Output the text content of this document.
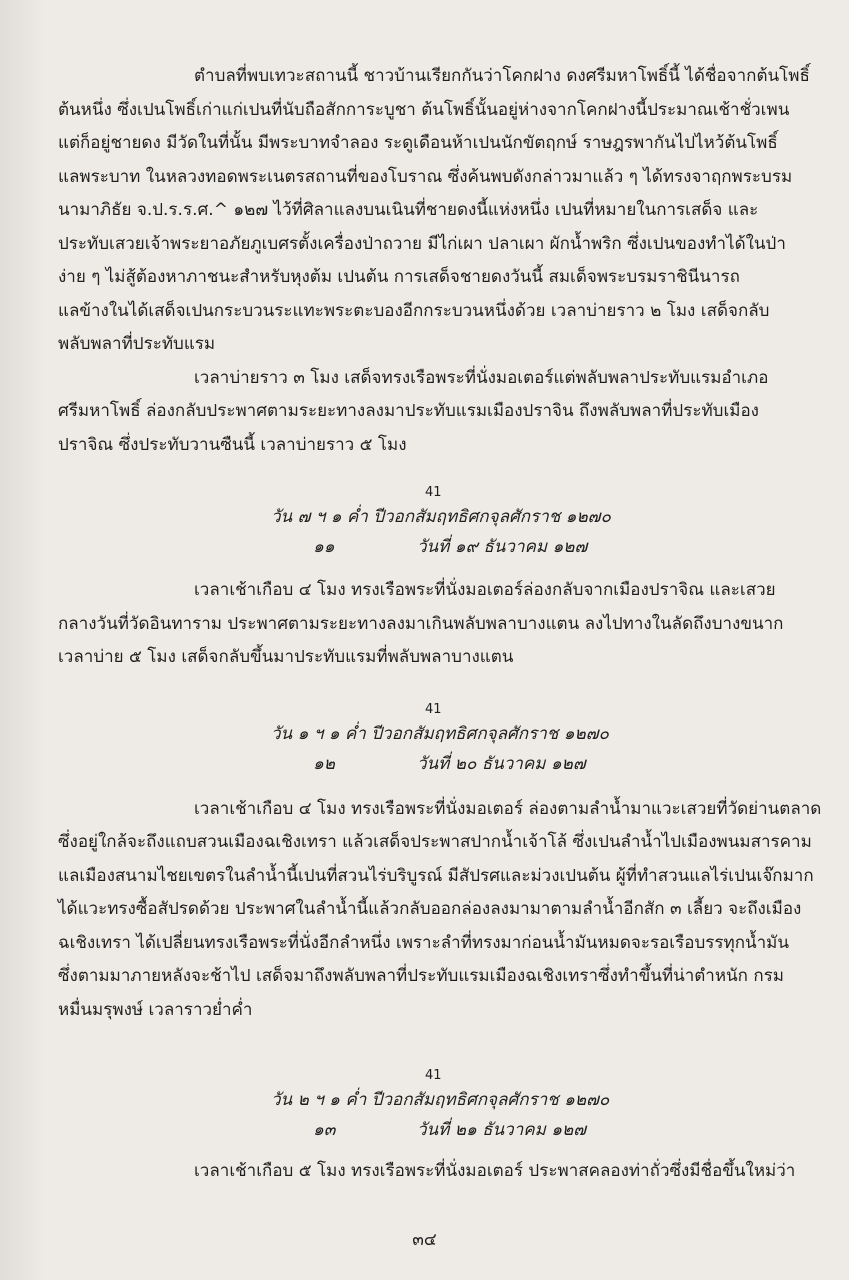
ตำบลที่พบเทวะสถานนี้ ชาวบ้านเรียกกันว่าโคกฝาง ดงศรีมหาโพธิ์นี้ ได้ชื่อจากต้นโพธิ์
ต้นหนึ่ง ซึ่งเปนโพธิ์เก่าแก่เปนที่นับถือสักการะบูชา ต้นโพธิ์นั้นอยู่ห่างจากโคกฝางนี้ประมาณเช้าชั่วเพน
แต่ก็อยู่ชายดง มีวัดในที่นั้น มีพระบาทจำลอง ระดูเดือนห้าเปนนักขัตฤกษ์ ราษฎรพากันไปไหว้ต้นโพธิ์
แลพระบาท ในหลวงทอดพระเนตรสถานที่ของโบราณ ซึ่งค้นพบดังกล่าวมาแล้ว ๆ ได้ทรงจาฤกพระบรม
นามาภิธัย จ.ป.ร.ร.ศ.^ ๑๒๗ ไว้ที่ศิลาแลงบนเนินที่ชายดงนี้แห่งหนึ่ง เปนที่หมายในการเสด็จ และ
ประทับเสวยเจ้าพระยาอภัยภูเบศรตั้งเครื่องป่าถวาย มีไก่เผา ปลาเผา ผักน้ำพริก ซึ่งเปนของทำได้ในป่า
ง่าย ๆ ไม่สู้ต้องหาภาชนะสำหรับหุงต้ม เปนต้น การเสด็จชายดงวันนี้ สมเด็จพระบรมราชินีนารถ
แลข้างในได้เสด็จเปนกระบวนระแทะพระตะบองอีกกระบวนหนึ่งด้วย เวลาบ่ายราว ๒ โมง เสด็จกลับ
พลับพลาที่ประทับแรม

เวลาบ่ายราว ๓ โมง เสด็จทรงเรือพระที่นั่งมอเตอร์แต่พลับพลาประทับแรมอำเภอ
ศรีมหาโพธิ์ ล่องกลับประพาศตามระยะทางลงมาประทับแรมเมืองปราจิน ถึงพลับพลาที่ประทับเมือง
ปราจิณ ซึ่งประทับวานซืนนี้ เวลาบ่ายราว ๕ โมง

41
วัน ๗ ฯ ๑ ค่ำ ปีวอกสัมฤทธิศกจุลศักราช ๑๒๗๐
๑๑	วันที่ ๑๙ ธันวาคม ๑๒๗

เวลาเช้าเกือบ ๔ โมง ทรงเรือพระที่นั่งมอเตอร์ล่องกลับจากเมืองปราจิณ และเสวย
กลางวันที่วัดอินทาราม ประพาศตามระยะทางลงมาเกินพลับพลาบางแตน ลงไปทางในลัดถึงบางขนาก
เวลาบ่าย ๕ โมง เสด็จกลับขึ้นมาประทับแรมที่พลับพลาบางแตน

41
วัน ๑ ฯ ๑ ค่ำ ปีวอกสัมฤทธิศกจุลศักราช ๑๒๗๐
๑๒	วันที่ ๒๐ ธันวาคม ๑๒๗

เวลาเช้าเกือบ ๔ โมง ทรงเรือพระที่นั่งมอเตอร์ ล่องตามลำน้ำมาแวะเสวยที่วัดย่านตลาด
ซึ่งอยู่ใกล้จะถึงแถบสวนเมืองฉเชิงเทรา แล้วเสด็จประพาสปากน้ำเจ้าโล้ ซึ่งเปนลำน้ำไปเมืองพนมสารคาม
แลเมืองสนามไชยเขตรในลำน้ำนี้เปนที่สวนไร่บริบูรณ์ มีสัปรศและม่วงเปนต้น ผู้ที่ทำสวนแลไร่เปนเจ๊กมาก
ได้แวะทรงซื้อสัปรดด้วย ประพาศในลำน้ำนี้แล้วกลับออกล่องลงมามาตามลำน้ำอีกสัก ๓ เลี้ยว จะถึงเมือง
ฉเชิงเทรา ได้เปลี่ยนทรงเรือพระที่นั่งอีกลำหนึ่ง เพราะลำที่ทรงมาก่อนน้ำมันหมดจะรอเรือบรรทุกน้ำมัน
ซึ่งตามมาภายหลังจะช้าไป เสด็จมาถึงพลับพลาที่ประทับแรมเมืองฉเชิงเทราซึ่งทำขึ้นที่น่าตำหนัก กรม
หมื่นมรุพงษ์ เวลาราวย่ำค่ำ

41
วัน ๒ ฯ ๑ ค่ำ ปีวอกสัมฤทธิศกจุลศักราช ๑๒๗๐
๑๓	วันที่ ๒๑ ธันวาคม ๑๒๗

เวลาเช้าเกือบ ๕ โมง ทรงเรือพระที่นั่งมอเตอร์ ประพาสคลองท่าถั่วซึ่งมีชื่อขึ้นใหม่ว่า

๓๔
